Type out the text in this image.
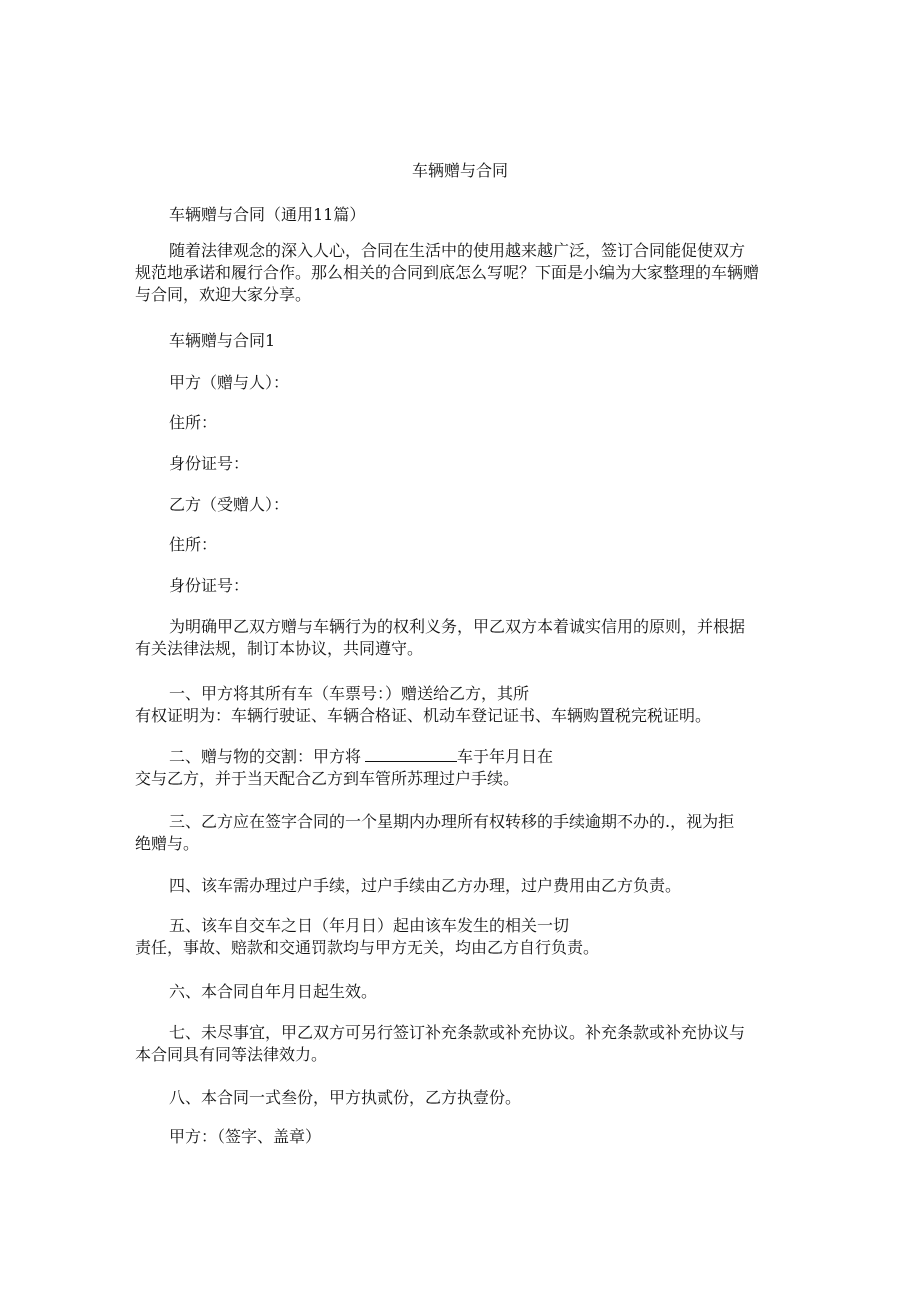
车辆赠与合同

车辆赠与合同（通用11篇）

随着法律观念的深入人心，合同在生活中的使用越来越广泛，签订合同能促使双方
规范地承诺和履行合作。那么相关的合同到底怎么写呢？下面是小编为大家整理的车辆赠
与合同，欢迎大家分享。

车辆赠与合同1

甲方（赠与人）：

住所：

身份证号：

乙方（受赠人）：

住所：

身份证号：

为明确甲乙双方赠与车辆行为的权利义务，甲乙双方本着诚实信用的原则，并根据
有关法律法规，制订本协议，共同遵守。
一、甲方将其所有车（车票号：）赠送给乙方，其所
有权证明为：车辆行驶证、车辆合格证、机动车登记证书、车辆购置税完税证明。
二、赠与物的交割：甲方将	车于年月日在
交与乙方，并于当天配合乙方到车管所苏理过户手续。
三、乙方应在签字合同的一个星期内办理所有权转移的手续逾期不办的.，视为拒
绝赠与。

四、该车需办理过户手续，过户手续由乙方办理，过户费用由乙方负责。

五、该车自交车之日（年月日）起由该车发生的相关一切
责任，事故、赔款和交通罚款均与甲方无关，均由乙方自行负责。

六、本合同自年月日起生效。

七、未尽事宜，甲乙双方可另行签订补充条款或补充协议。补充条款或补充协议与
本合同具有同等法律效力。

八、本合同一式叁份，甲方执贰份，乙方执壹份。

甲方：（签字、盖章）
